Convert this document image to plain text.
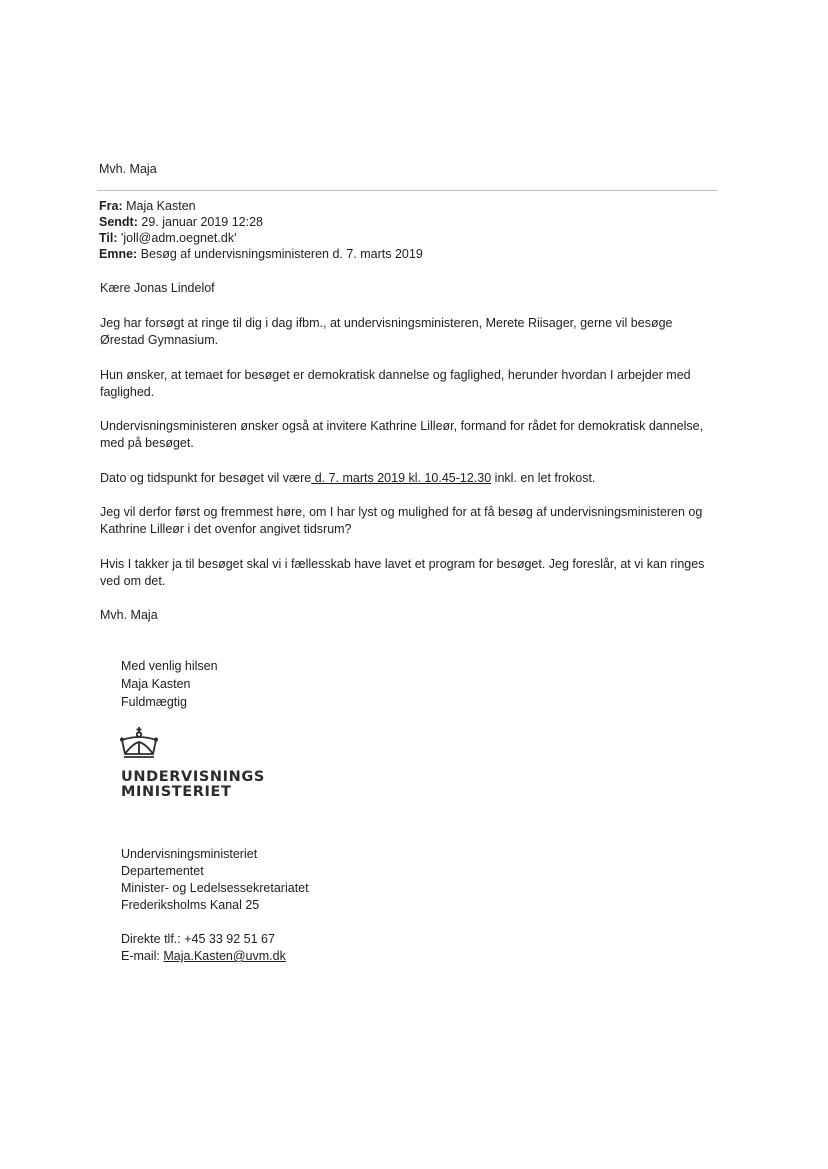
Mvh. Maja
Fra: Maja Kasten
Sendt: 29. januar 2019 12:28
Til: 'joll@adm.oegnet.dk'
Emne: Besøg af undervisningsministeren d. 7. marts 2019
Kære Jonas Lindelof
Jeg har forsøgt at ringe til dig i dag ifbm., at undervisningsministeren, Merete Riisager, gerne vil besøge Ørestad Gymnasium.
Hun ønsker, at temaet for besøget er demokratisk dannelse og faglighed, herunder hvordan I arbejder med faglighed.
Undervisningsministeren ønsker også at invitere Kathrine Lilleør, formand for rådet for demokratisk dannelse, med på besøget.
Dato og tidspunkt for besøget vil være d. 7. marts 2019 kl. 10.45-12.30 inkl. en let frokost.
Jeg vil derfor først og fremmest høre, om I har lyst og mulighed for at få besøg af undervisningsministeren og Kathrine Lilleør i det ovenfor angivet tidsrum?
Hvis I takker ja til besøget skal vi i fællesskab have lavet et program for besøget. Jeg foreslår, at vi kan ringes ved om det.
Mvh. Maja
Med venlig hilsen
Maja Kasten
Fuldmægtig
UNDERVISNINGS
MINISTERIET
Undervisningsministeriet
Departementet
Minister- og Ledelsessekretariatet
Frederiksholms Kanal 25
Direkte tlf.: +45 33 92 51 67
E-mail: Maja.Kasten@uvm.dk
